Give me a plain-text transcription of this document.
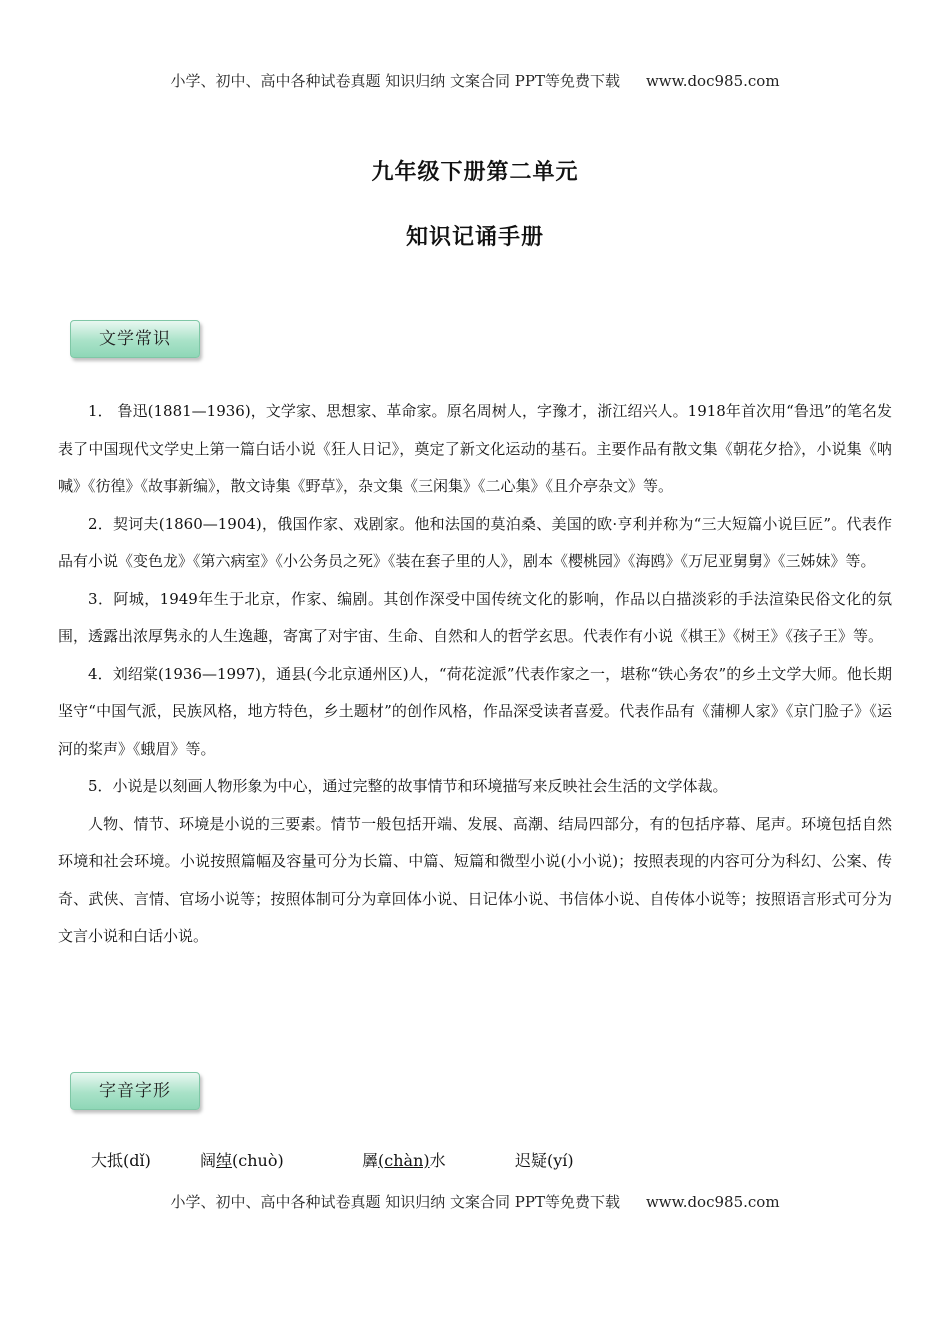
小学、初中、高中各种试卷真题 知识归纳 文案合同 PPT等免费下载 www.doc985.com
九年级下册第二单元
知识记诵手册
文学常识

1． 鲁迅(1881—1936)，文学家、思想家、革命家。原名周树人，字豫才，浙江绍兴人。1918年首次用“鲁迅”的笔名发表了中国现代文学史上第一篇白话小说《狂人日记》，奠定了新文化运动的基石。主要作品有散文集《朝花夕拾》，小说集《呐喊》《彷徨》《故事新编》，散文诗集《野草》，杂文集《三闲集》《二心集》《且介亭杂文》等。

2．契诃夫(1860—1904)，俄国作家、戏剧家。他和法国的莫泊桑、美国的欧·亨利并称为“三大短篇小说巨匠”。代表作品有小说《变色龙》《第六病室》《小公务员之死》《装在套子里的人》，剧本《樱桃园》《海鸥》《万尼亚舅舅》《三姊妹》等。

3．阿城，1949年生于北京，作家、编剧。其创作深受中国传统文化的影响，作品以白描淡彩的手法渲染民俗文化的氛围，透露出浓厚隽永的人生逸趣，寄寓了对宇宙、生命、自然和人的哲学玄思。代表作有小说《棋王》《树王》《孩子王》等。

4．刘绍棠(1936—1997)，通县(今北京通州区)人，“荷花淀派”代表作家之一，堪称“铁心务农”的乡土文学大师。他长期坚守“中国气派，民族风格，地方特色，乡土题材”的创作风格，作品深受读者喜爱。代表作品有《蒲柳人家》《京门脸子》《运河的桨声》《蛾眉》等。

5．小说是以刻画人物形象为中心，通过完整的故事情节和环境描写来反映社会生活的文学体裁。

人物、情节、环境是小说的三要素。情节一般包括开端、发展、高潮、结局四部分，有的包括序幕、尾声。环境包括自然环境和社会环境。小说按照篇幅及容量可分为长篇、中篇、短篇和微型小说(小小说)；按照表现的内容可分为科幻、公案、传奇、武侠、言情、官场小说等；按照体制可分为章回体小说、日记体小说、书信体小说、自传体小说等；按照语言形式可分为文言小说和白话小说。

字音字形
大抵(dǐ)	阔绰(chuò)	羼(chàn)水	迟疑(yí)
小学、初中、高中各种试卷真题 知识归纳 文案合同 PPT等免费下载 www.doc985.com
